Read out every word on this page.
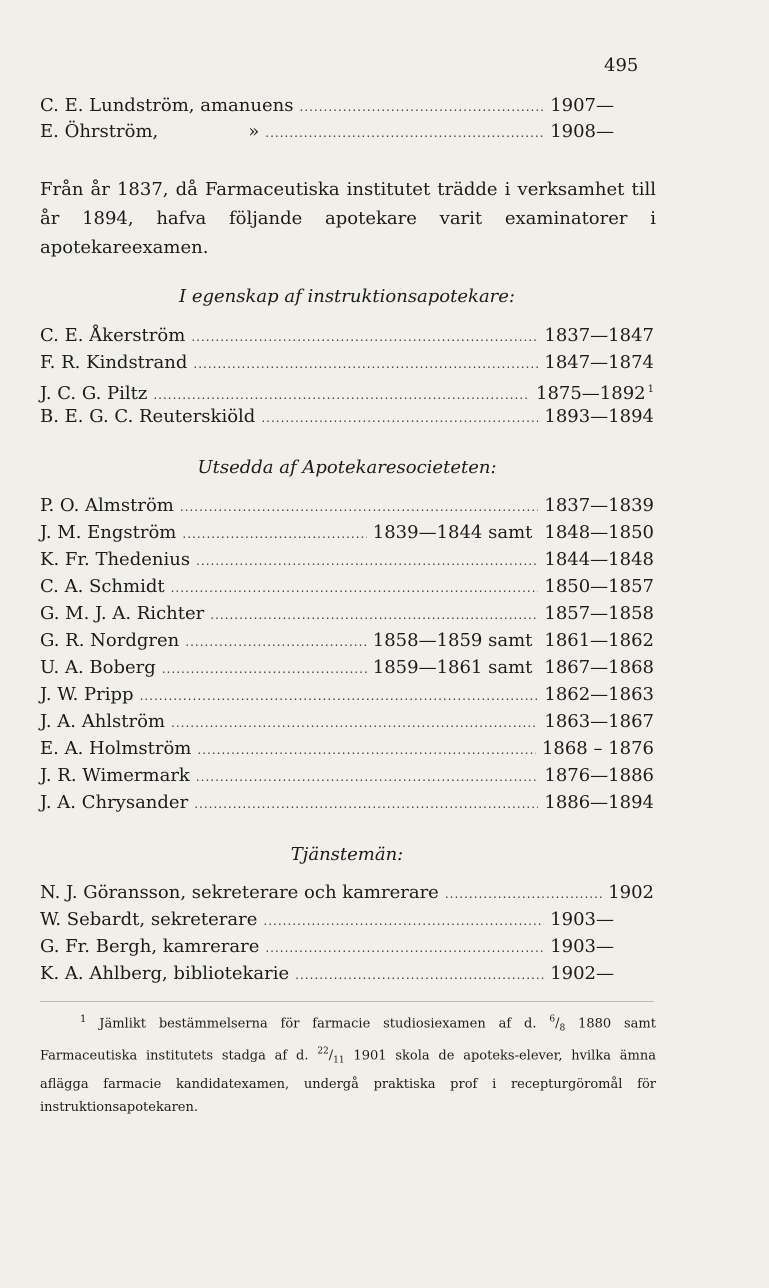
495
C. E. Lundström, amanuens .....	1907—
E. Öhrström,	» .....	1908—
Från år 1837, då Farmaceutiska institutet trädde i verksamhet till år 1894, hafva följande apotekare varit examinatorer i apotekareexamen.
I egenskap af instruktionsapotekare:
C. E. Åkerström .....	1837—1847
F. R. Kindstrand .....	1847—1874
J. C. G. Piltz .....	1875—1892 $^1$
B. E. G. C. Reuterskiöld .....	1893—1894
Utsedda af Apotekaresocieteten:
P. O. Almström .....	1837—1839
J. M. Engström .....	1839—1844 samt 1848—1850
K. Fr. Thedenius .....	1844—1848
C. A. Schmidt .....	1850—1857
G. M. J. A. Richter .....	1857—1858
G. R. Nordgren .....	1858—1859 samt 1861—1862
U. A. Boberg .....	1859—1861 samt 1867—1868
J. W. Pripp .....	1862—1863
J. A. Ahlström .....	1863—1867
E. A. Holmström .....	1868 – 1876
J. R. Wimermark .....	1876—1886
J. A. Chrysander .....	1886—1894
Tjänstemän:
N. J. Göransson, sekreterare och kamrerare .....	1902
W. Sebardt, sekreterare .....	1903—
G. Fr. Bergh, kamrerare .....	1903—
K. A. Ahlberg, bibliotekarie .....	1902—
$^1$ Jämlikt bestämmelserna för farmacie studiosiexamen af d. $^6/_8$ 1880 samt Farmaceutiska institutets stadga af d. $^{22}/_{11}$ 1901 skola de apoteks-elever, hvilka ämna aflägga farmacie kandidatexamen, undergå praktiska prof i recepturgöromål för instruktionsapotekaren.
